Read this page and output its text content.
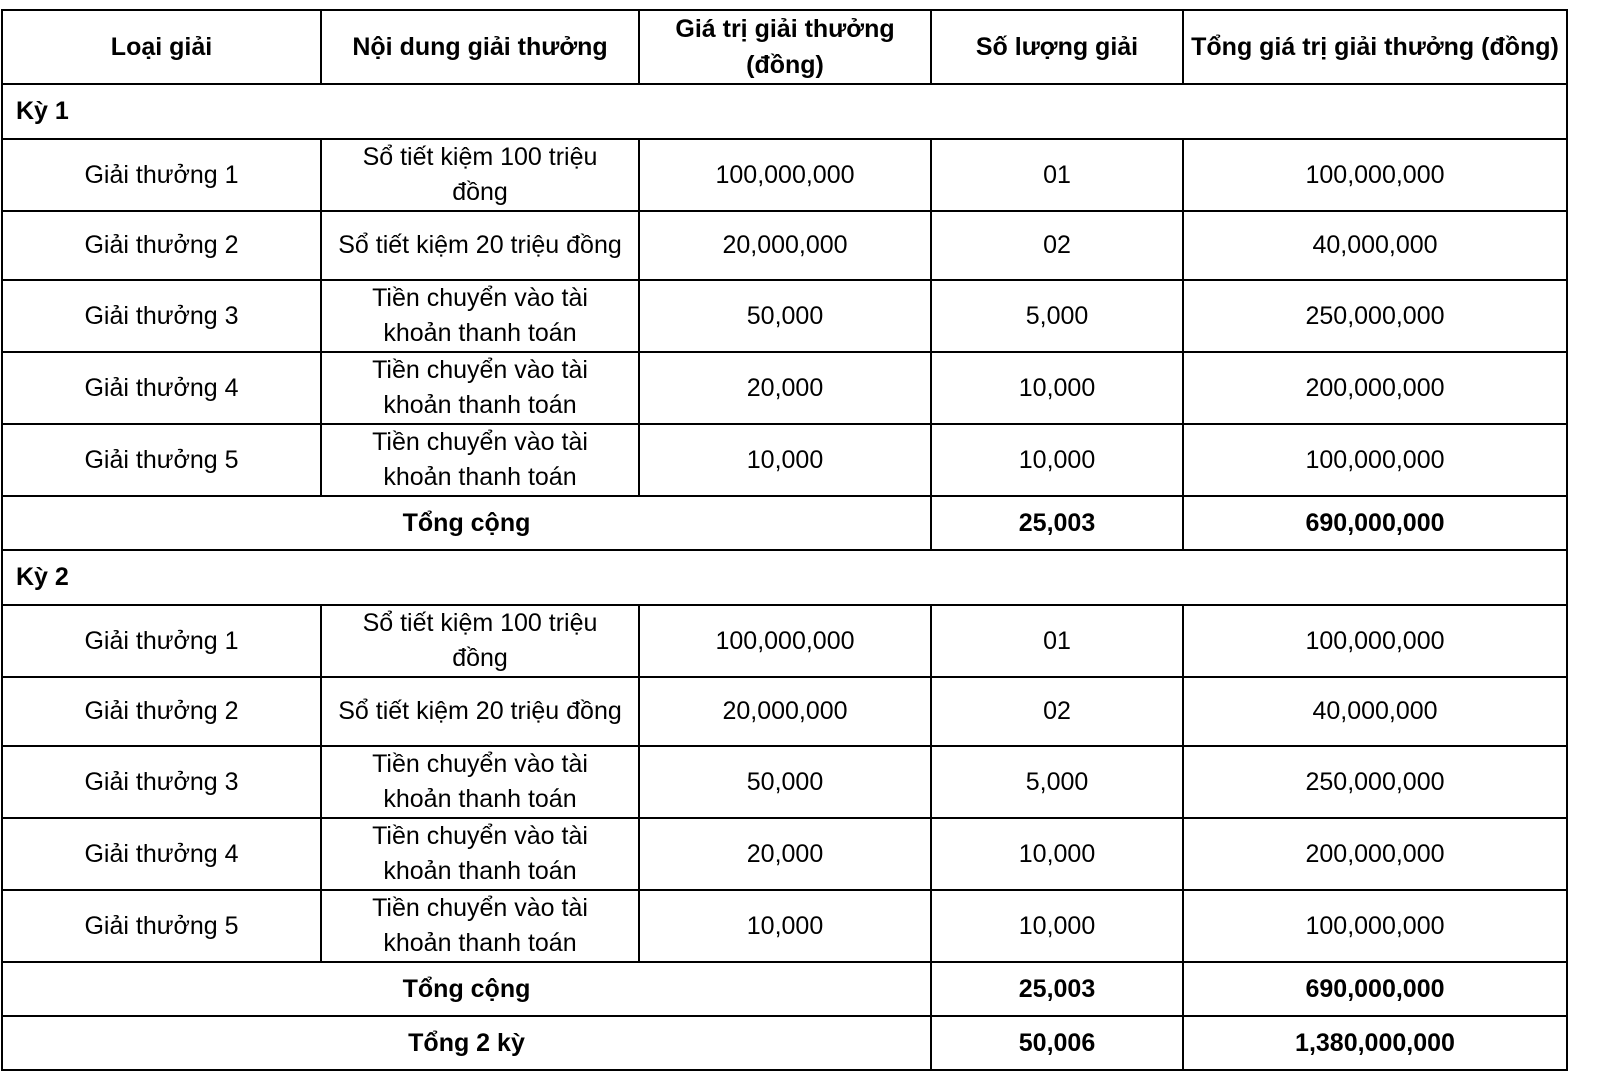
Loại giải	Nội dung giải thưởng	Giá trị giải thưởng (đồng)	Số lượng giải	Tổng giá trị giải thưởng (đồng)
Kỳ 1				
Giải thưởng 1	Sổ tiết kiệm 100 triệu đồng	100,000,000	01	100,000,000
Giải thưởng 2	Sổ tiết kiệm 20 triệu đồng	20,000,000	02	40,000,000
Giải thưởng 3	Tiền chuyển vào tài khoản thanh toán	50,000	5,000	250,000,000
Giải thưởng 4	Tiền chuyển vào tài khoản thanh toán	20,000	10,000	200,000,000
Giải thưởng 5	Tiền chuyển vào tài khoản thanh toán	10,000	10,000	100,000,000
Tổng cộng			25,003	690,000,000
Kỳ 2				
Giải thưởng 1	Sổ tiết kiệm 100 triệu đồng	100,000,000	01	100,000,000
Giải thưởng 2	Sổ tiết kiệm 20 triệu đồng	20,000,000	02	40,000,000
Giải thưởng 3	Tiền chuyển vào tài khoản thanh toán	50,000	5,000	250,000,000
Giải thưởng 4	Tiền chuyển vào tài khoản thanh toán	20,000	10,000	200,000,000
Giải thưởng 5	Tiền chuyển vào tài khoản thanh toán	10,000	10,000	100,000,000
Tổng cộng			25,003	690,000,000
Tổng 2 kỳ			50,006	1,380,000,000
